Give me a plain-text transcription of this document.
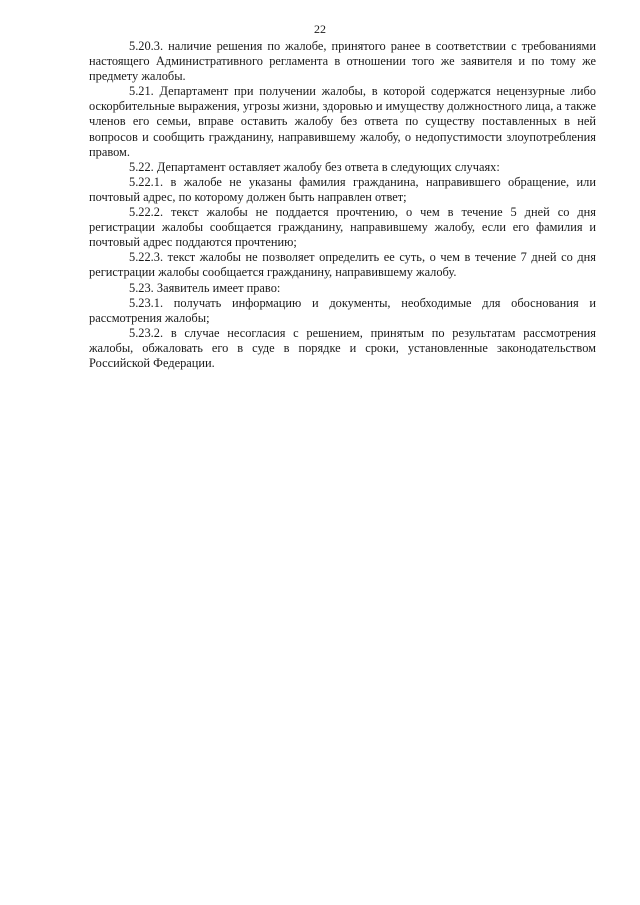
22

5.20.3. наличие решения по жалобе, принятого ранее в соответствии с требованиями настоящего Административного регламента в отношении того же заявителя и по тому же предмету жалобы.

5.21. Департамент при получении жалобы, в которой содержатся нецензурные либо оскорбительные выражения, угрозы жизни, здоровью и имуществу должностного лица, а также членов его семьи, вправе оставить жалобу без ответа по существу поставленных в ней вопросов и сообщить гражданину, направившему жалобу, о недопустимости злоупотребления правом.

5.22. Департамент оставляет жалобу без ответа в следующих случаях:

5.22.1. в жалобе не указаны фамилия гражданина, направившего обращение, или почтовый адрес, по которому должен быть направлен ответ;

5.22.2. текст жалобы не поддается прочтению, о чем в течение 5 дней со дня регистрации жалобы сообщается гражданину, направившему жалобу, если его фамилия и почтовый адрес поддаются прочтению;

5.22.3. текст жалобы не позволяет определить ее суть, о чем в течение 7 дней со дня регистрации жалобы сообщается гражданину, направившему жалобу.

5.23. Заявитель имеет право:

5.23.1. получать информацию и документы, необходимые для обоснования и рассмотрения жалобы;

5.23.2. в случае несогласия с решением, принятым по результатам рассмотрения жалобы, обжаловать его в суде в порядке и сроки, установленные законодательством Российской Федерации.
